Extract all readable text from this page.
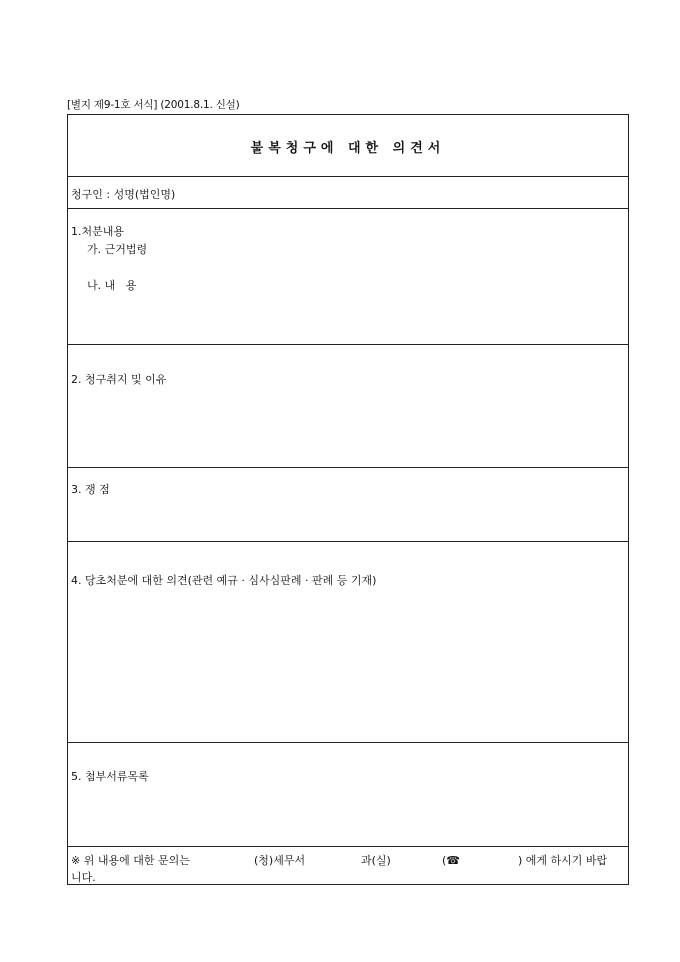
[별지 제9-1호 서식] (2001.8.1. 신설)
불복청구에 대한 의견서
청구인 : 성명(법인명)
1.처분내용
가. 근거법령
나. 내   용
2. 청구취지 및 이유
3. 쟁 점
4. 당초처분에 대한 의견(관련 예규 · 심사심판례 · 판례 등 기재)
5. 첨부서류목록
※ 위 내용에 대한 문의는	(청)세무서	과(실)	(☎	) 에게 하시기 바랍
니다.
